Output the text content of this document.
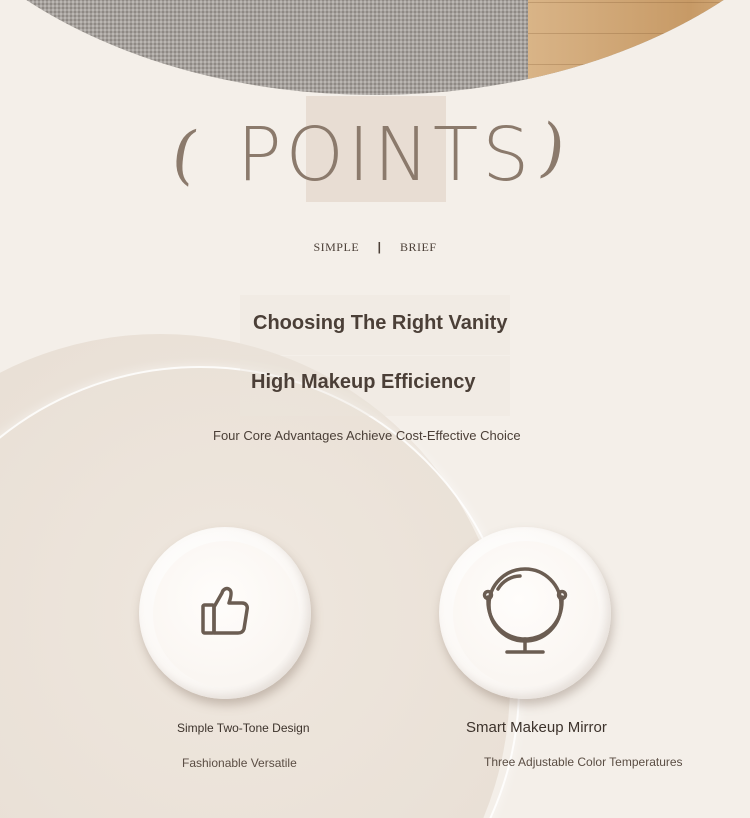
( POINTS )
SIMPLE | BRIEF
Choosing The Right Vanity
High Makeup Efficiency
Four Core Advantages Achieve Cost-Effective Choice
Simple Two-Tone Design
Fashionable Versatile
Smart Makeup Mirror
Three Adjustable Color Temperatures
